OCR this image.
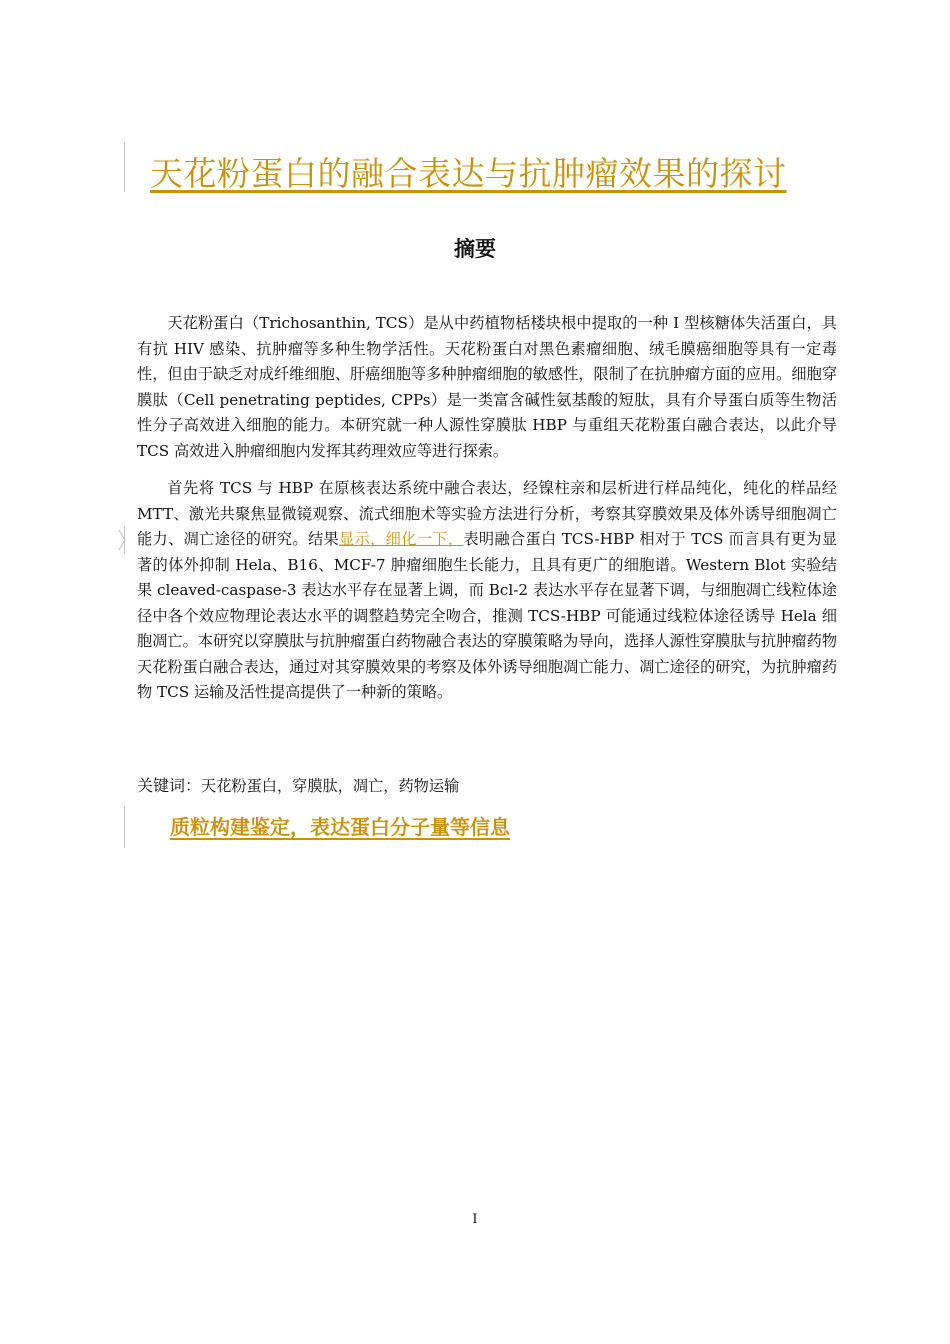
天花粉蛋白的融合表达与抗肿瘤效果的探讨
摘要

天花粉蛋白（Trichosanthin, TCS）是从中药植物栝楼块根中提取的一种 I 型核糖体失活蛋白，具有抗 HIV 感染、抗肿瘤等多种生物学活性。天花粉蛋白对黑色素瘤细胞、绒毛膜癌细胞等具有一定毒性，但由于缺乏对成纤维细胞、肝癌细胞等多种肿瘤细胞的敏感性，限制了在抗肿瘤方面的应用。细胞穿膜肽（Cell penetrating peptides, CPPs）是一类富含碱性氨基酸的短肽，具有介导蛋白质等生物活性分子高效进入细胞的能力。本研究就一种人源性穿膜肽 HBP 与重组天花粉蛋白融合表达，以此介导 TCS 高效进入肿瘤细胞内发挥其药理效应等进行探索。

首先将 TCS 与 HBP 在原核表达系统中融合表达，经镍柱亲和层析进行样品纯化，纯化的样品经 MTT、激光共聚焦显微镜观察、流式细胞术等实验方法进行分析，考察其穿膜效果及体外诱导细胞凋亡能力、凋亡途径的研究。结果显示，细化一下，表明融合蛋白 TCS-HBP 相对于 TCS 而言具有更为显著的体外抑制 Hela、B16、MCF-7 肿瘤细胞生长能力，且具有更广的细胞谱。Western Blot 实验结果 cleaved-caspase-3 表达水平存在显著上调，而 Bcl-2 表达水平存在显著下调，与细胞凋亡线粒体途径中各个效应物理论表达水平的调整趋势完全吻合，推测 TCS-HBP 可能通过线粒体途径诱导 Hela 细胞凋亡。本研究以穿膜肽与抗肿瘤蛋白药物融合表达的穿膜策略为导向，选择人源性穿膜肽与抗肿瘤药物天花粉蛋白融合表达，通过对其穿膜效果的考察及体外诱导细胞凋亡能力、凋亡途径的研究，为抗肿瘤药物 TCS 运输及活性提高提供了一种新的策略。

关键词：天花粉蛋白，穿膜肽，凋亡，药物运输
质粒构建鉴定，表达蛋白分子量等信息
I
